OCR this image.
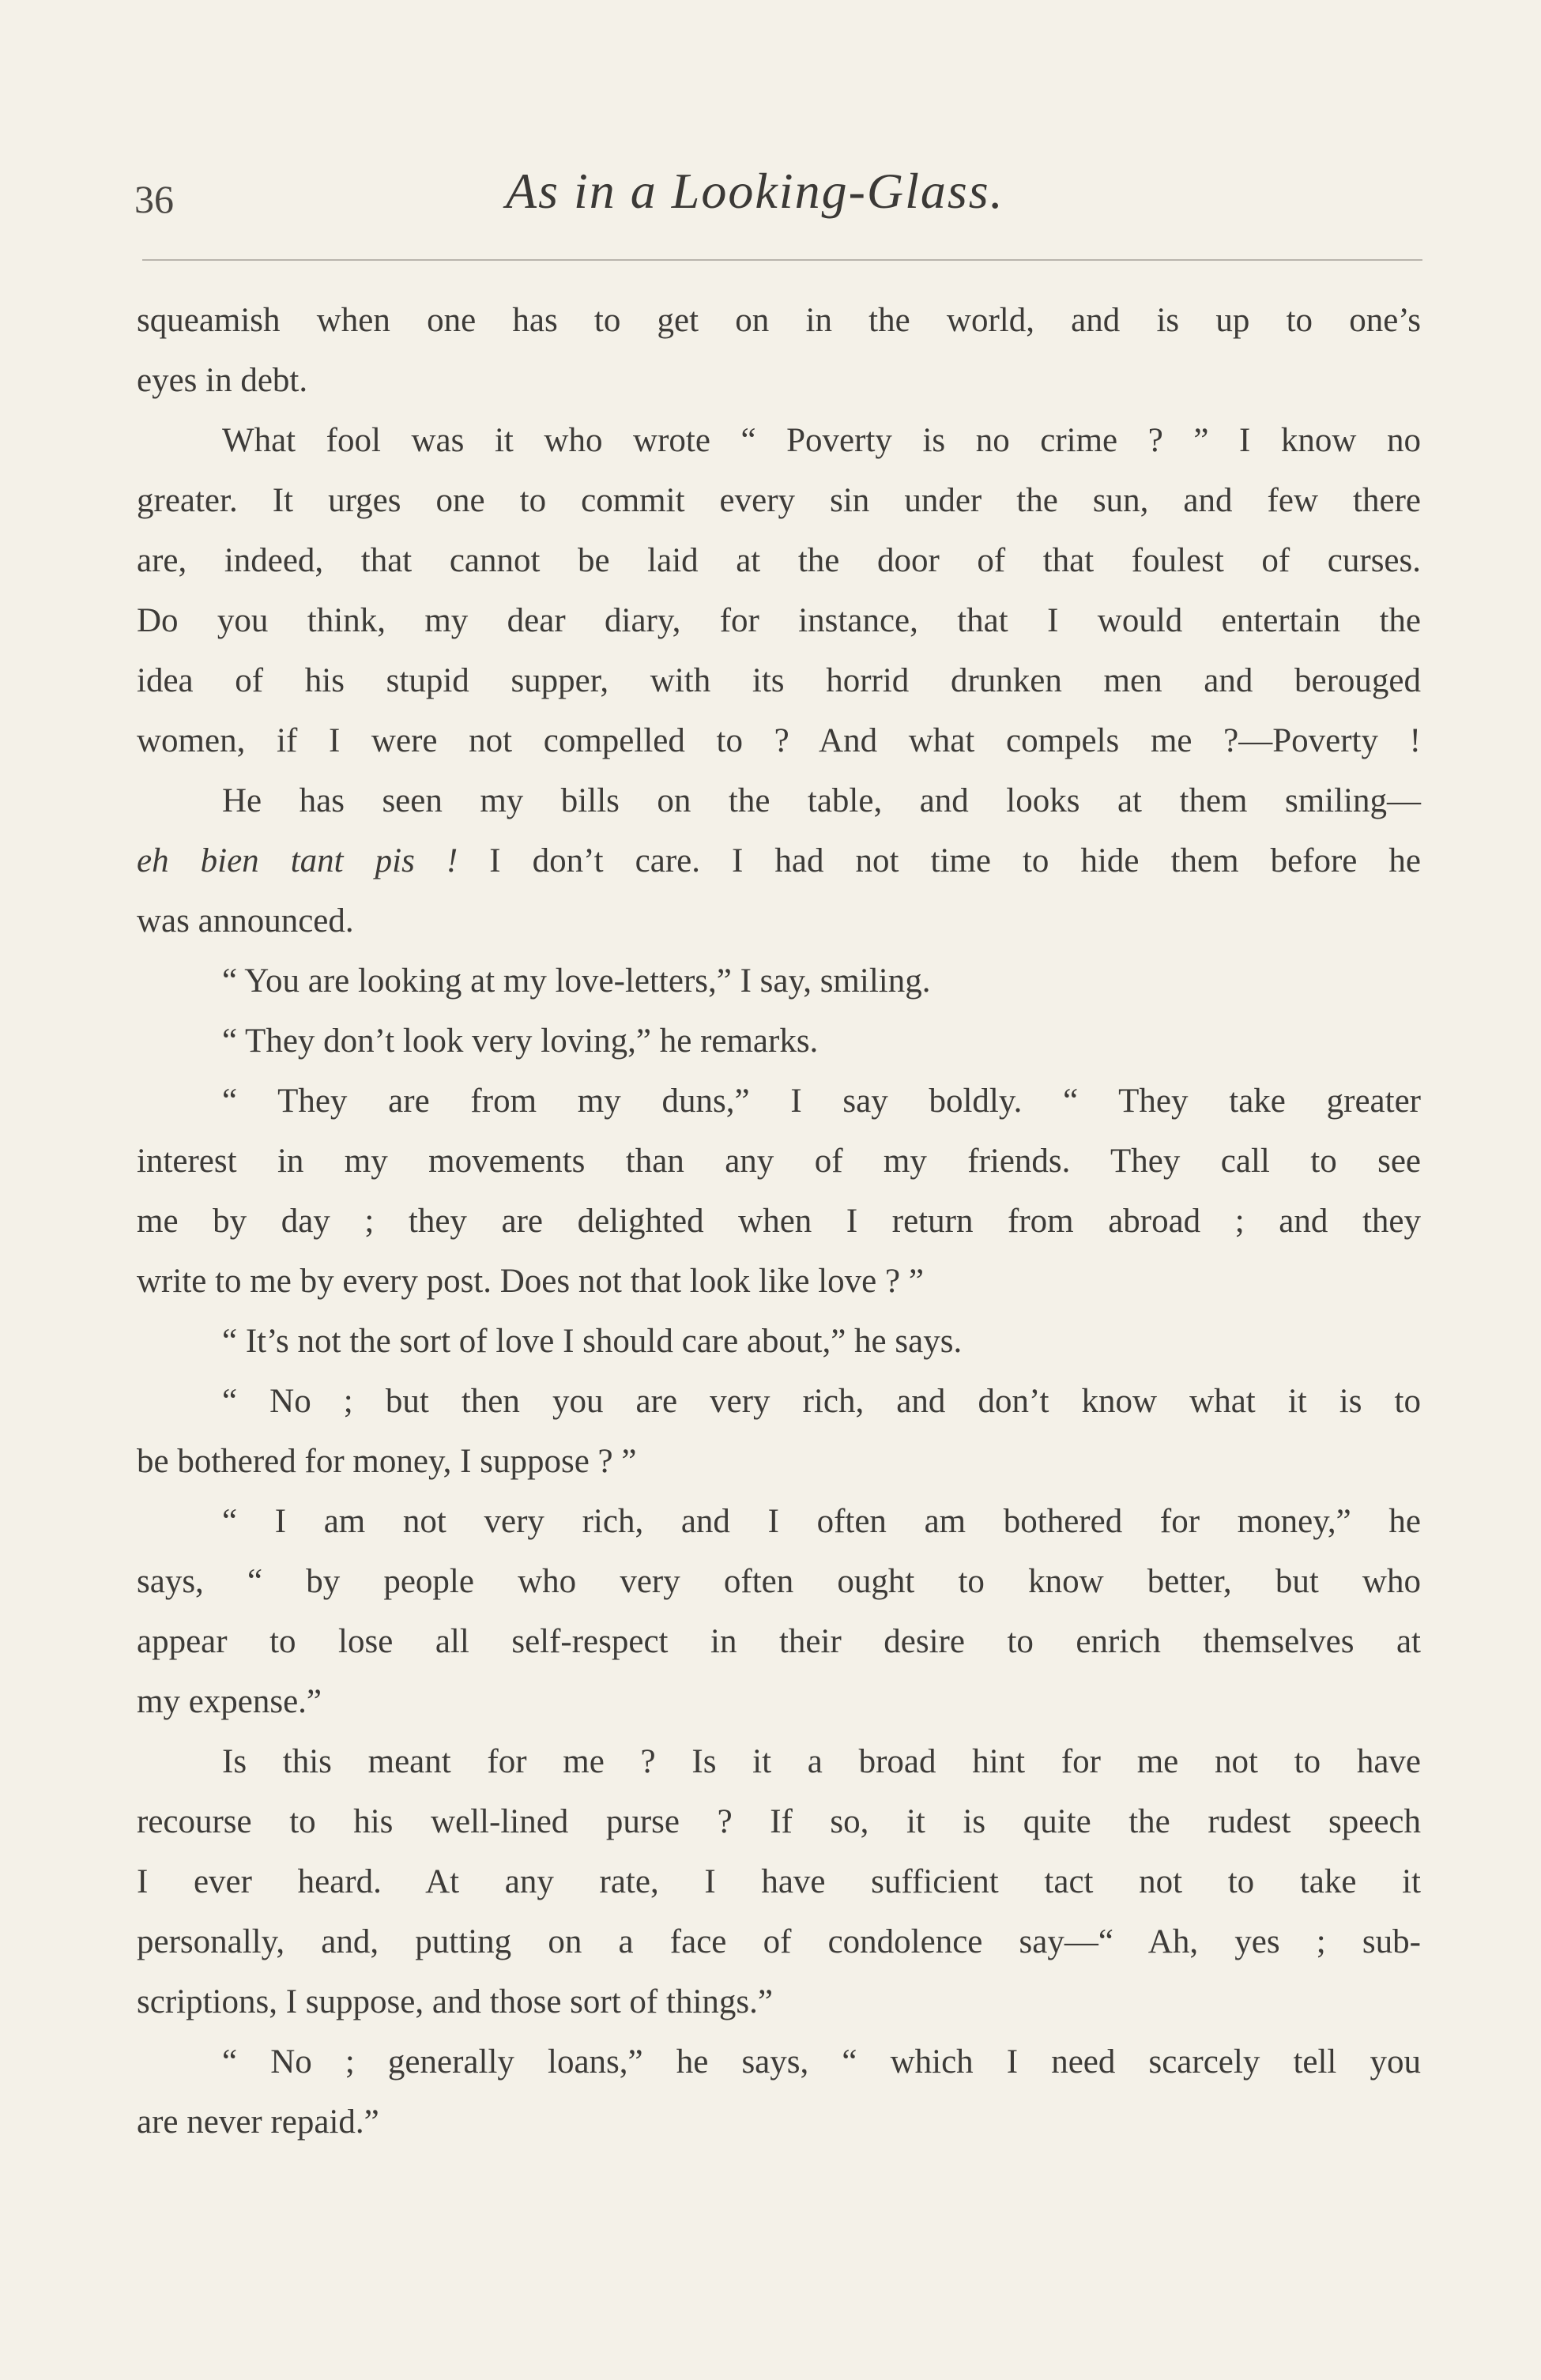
36	As in a Looking-Glass.
squeamish when one has to get on in the world, and is up to one’s
eyes in debt.
What fool was it who wrote “ Poverty is no crime ? ” I know no
greater. It urges one to commit every sin under the sun, and few there
are, indeed, that cannot be laid at the door of that foulest of curses.
Do you think, my dear diary, for instance, that I would entertain the
idea of his stupid supper, with its horrid drunken men and berouged
women, if I were not compelled to ? And what compels me ?—Poverty !
He has seen my bills on the table, and looks at them smiling—
eh bien tant pis ! I don’t care. I had not time to hide them before he
was announced.
“ You are looking at my love-letters,” I say, smiling.
“ They don’t look very loving,” he remarks.
“ They are from my duns,” I say boldly. “ They take greater
interest in my movements than any of my friends. They call to see
me by day ; they are delighted when I return from abroad ; and they
write to me by every post. Does not that look like love ? ”
“ It’s not the sort of love I should care about,” he says.
“ No ; but then you are very rich, and don’t know what it is to
be bothered for money, I suppose ? ”
“ I am not very rich, and I often am bothered for money,” he
says, “ by people who very often ought to know better, but who
appear to lose all self-respect in their desire to enrich themselves at
my expense.”
Is this meant for me ? Is it a broad hint for me not to have
recourse to his well-lined purse ? If so, it is quite the rudest speech
I ever heard. At any rate, I have sufficient tact not to take it
personally, and, putting on a face of condolence say—“ Ah, yes ; sub-
scriptions, I suppose, and those sort of things.”
“ No ; generally loans,” he says, “ which I need scarcely tell you
are never repaid.”
